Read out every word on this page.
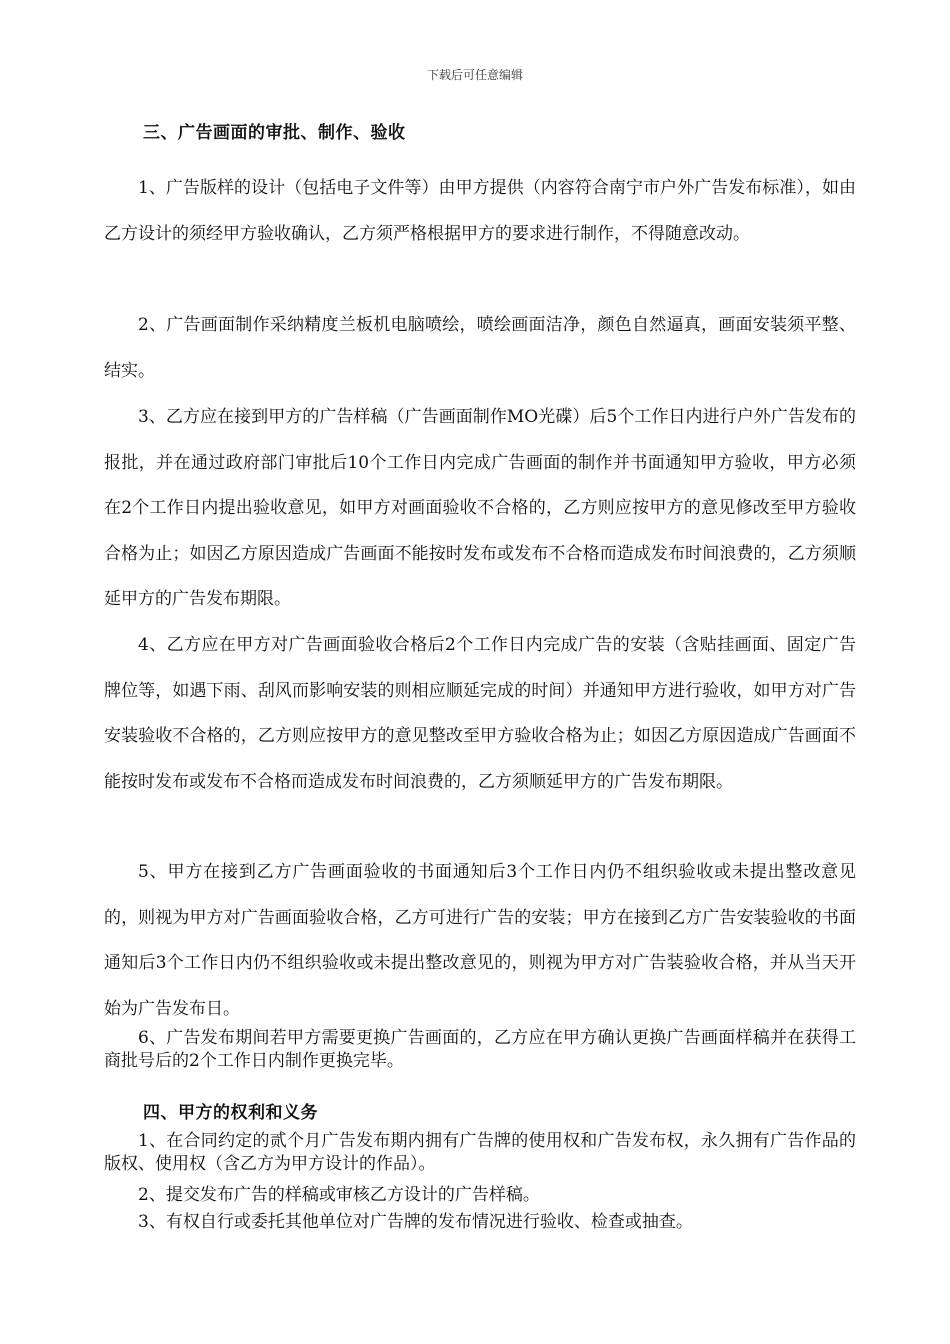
下载后可任意编辑
三、广告画面的审批、制作、验收
1、广告版样的设计（包括电子文件等）由甲方提供（内容符合南宁市户外广告发布标准），如由乙方设计的须经甲方验收确认，乙方须严格根据甲方的要求进行制作，不得随意改动。
2、广告画面制作采纳精度兰板机电脑喷绘，喷绘画面洁净，颜色自然逼真，画面安装须平整、结实。
3、乙方应在接到甲方的广告样稿（广告画面制作MO光碟）后5个工作日内进行户外广告发布的报批，并在通过政府部门审批后10个工作日内完成广告画面的制作并书面通知甲方验收，甲方必须在2个工作日内提出验收意见，如甲方对画面验收不合格的，乙方则应按甲方的意见修改至甲方验收合格为止；如因乙方原因造成广告画面不能按时发布或发布不合格而造成发布时间浪费的，乙方须顺延甲方的广告发布期限。
4、乙方应在甲方对广告画面验收合格后2个工作日内完成广告的安装（含贴挂画面、固定广告牌位等，如遇下雨、刮风而影响安装的则相应顺延完成的时间）并通知甲方进行验收，如甲方对广告安装验收不合格的，乙方则应按甲方的意见整改至甲方验收合格为止；如因乙方原因造成广告画面不能按时发布或发布不合格而造成发布时间浪费的，乙方须顺延甲方的广告发布期限。
5、甲方在接到乙方广告画面验收的书面通知后3个工作日内仍不组织验收或未提出整改意见的，则视为甲方对广告画面验收合格，乙方可进行广告的安装；甲方在接到乙方广告安装验收的书面通知后3个工作日内仍不组织验收或未提出整改意见的，则视为甲方对广告装验收合格，并从当天开始为广告发布日。
6、广告发布期间若甲方需要更换广告画面的，乙方应在甲方确认更换广告画面样稿并在获得工商批号后的2个工作日内制作更换完毕。
四、甲方的权利和义务
1、在合同约定的贰个月广告发布期内拥有广告牌的使用权和广告发布权，永久拥有广告作品的版权、使用权（含乙方为甲方设计的作品）。
2、提交发布广告的样稿或审核乙方设计的广告样稿。
3、有权自行或委托其他单位对广告牌的发布情况进行验收、检查或抽查。
